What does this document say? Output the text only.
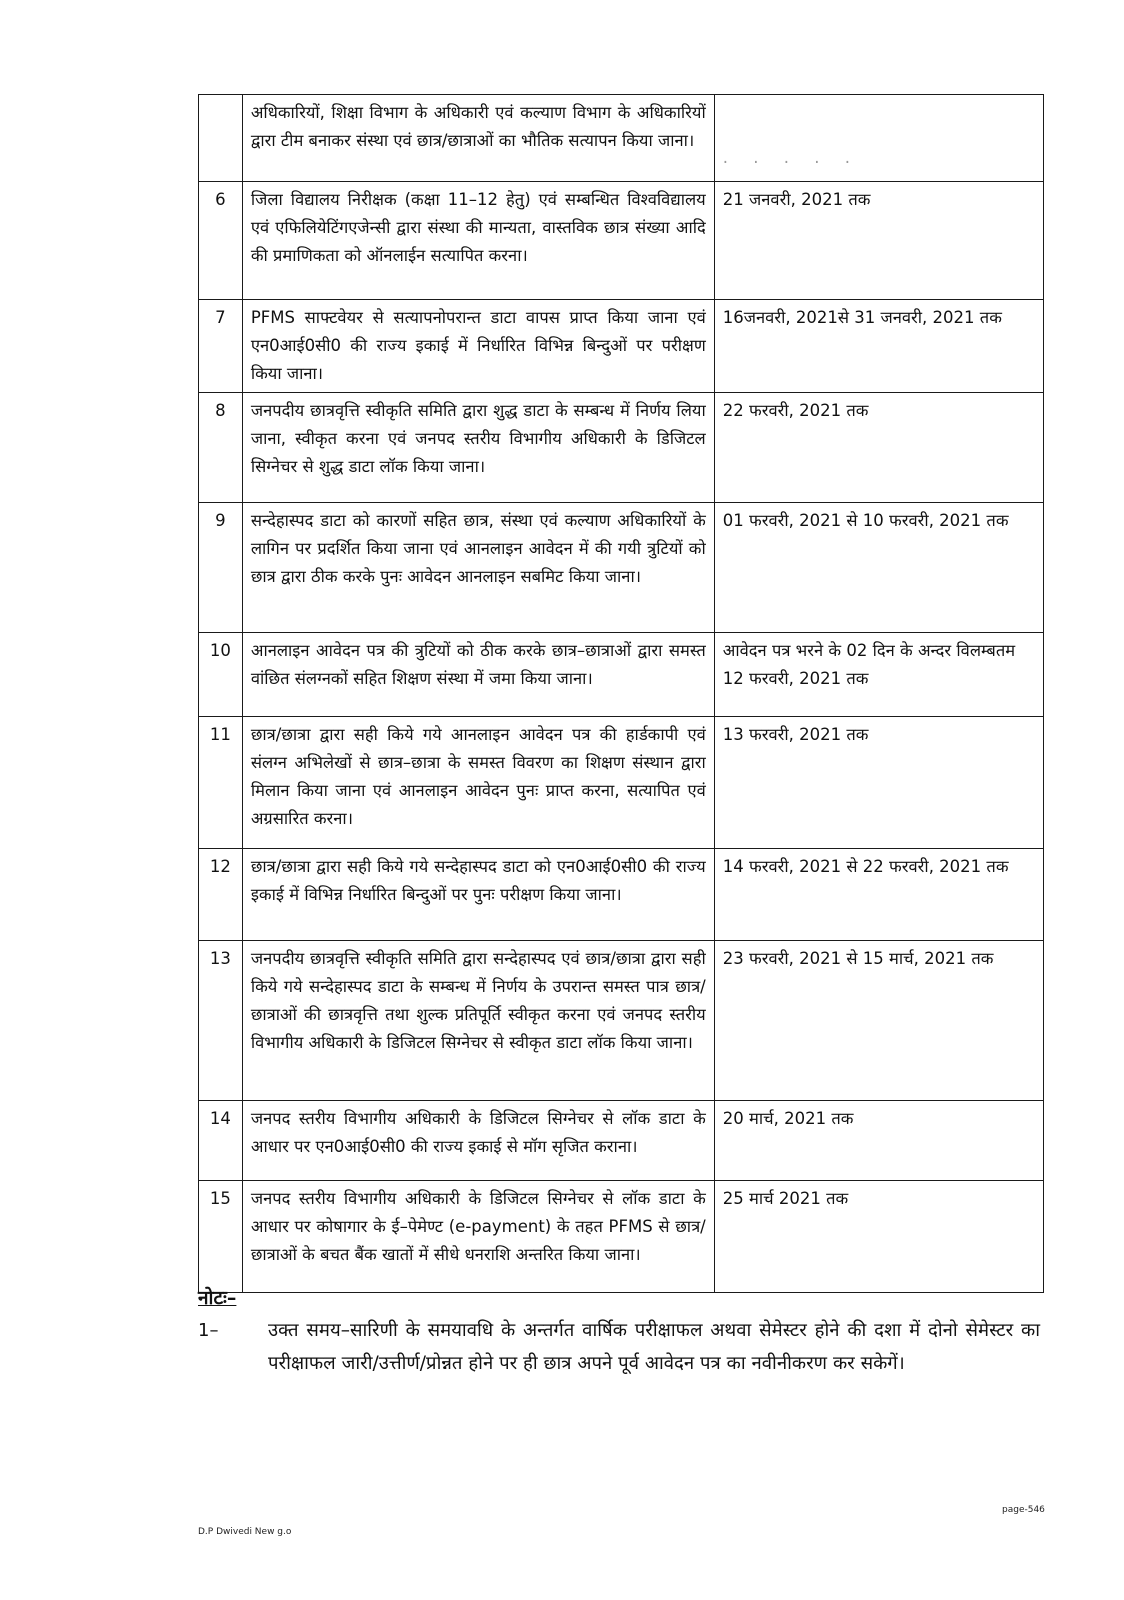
	अधिकारियों, शिक्षा विभाग के अधिकारी एवं कल्याण विभाग के अधिकारियों द्वारा टीम बनाकर संस्था एवं छात्र/छात्राओं का भौतिक सत्यापन किया जाना।	· · · · ·

6	जिला विद्यालय निरीक्षक (कक्षा 11–12 हेतु) एवं सम्बन्धित विश्वविद्यालय एवं एफिलियेटिंगएजेन्सी द्वारा संस्था की मान्यता, वास्तविक छात्र संख्या आदि की प्रमाणिकता को ऑनलाईन सत्यापित करना।	21 जनवरी, 2021 तक
7	PFMS साफ्टवेयर से सत्यापनोपरान्त डाटा वापस प्राप्त किया जाना एवं एन0आई0सी0 की राज्य इकाई में निर्धारित विभिन्न बिन्दुओं पर परीक्षण किया जाना।	16जनवरी, 2021से 31 जनवरी, 2021 तक
8	जनपदीय छात्रवृत्ति स्वीकृति समिति द्वारा शुद्ध डाटा के सम्बन्ध में निर्णय लिया जाना, स्वीकृत करना एवं जनपद स्तरीय विभागीय अधिकारी के डिजिटल सिग्नेचर से शुद्ध डाटा लॉक किया जाना।	22 फरवरी, 2021 तक
9	सन्देहास्पद डाटा को कारणों सहित छात्र, संस्था एवं कल्याण अधिकारियों के लागिन पर प्रदर्शित किया जाना एवं आनलाइन आवेदन में की गयी त्रुटियों को छात्र द्वारा ठीक करके पुनः आवेदन आनलाइन सबमिट किया जाना।	01 फरवरी, 2021 से 10 फरवरी, 2021 तक
10	आनलाइन आवेदन पत्र की त्रुटियों को ठीक करके छात्र–छात्राओं द्वारा समस्त वांछित संलग्नकों सहित शिक्षण संस्था में जमा किया जाना।	आवेदन पत्र भरने के 02 दिन के अन्दर विलम्बतम 12 फरवरी, 2021 तक
11	छात्र/छात्रा द्वारा सही किये गये आनलाइन आवेदन पत्र की हार्डकापी एवं संलग्न अभिलेखों से छात्र–छात्रा के समस्त विवरण का शिक्षण संस्थान द्वारा मिलान किया जाना एवं आनलाइन आवेदन पुनः प्राप्त करना, सत्यापित एवं अग्रसारित करना।	13 फरवरी, 2021 तक
12	छात्र/छात्रा द्वारा सही किये गये सन्देहास्पद डाटा को एन0आई0सी0 की राज्य इकाई में विभिन्न निर्धारित बिन्दुओं पर पुनः परीक्षण किया जाना।	14 फरवरी, 2021 से 22 फरवरी, 2021 तक
13	जनपदीय छात्रवृत्ति स्वीकृति समिति द्वारा सन्देहास्पद एवं छात्र/छात्रा द्वारा सही किये गये सन्देहास्पद डाटा के सम्बन्ध में निर्णय के उपरान्त समस्त पात्र छात्र/छात्राओं की छात्रवृत्ति तथा शुल्क प्रतिपूर्ति स्वीकृत करना एवं जनपद स्तरीय विभागीय अधिकारी के डिजिटल सिग्नेचर से स्वीकृत डाटा लॉक किया जाना।	23 फरवरी, 2021 से 15 मार्च, 2021 तक
14	जनपद स्तरीय विभागीय अधिकारी के डिजिटल सिग्नेचर से लॉक डाटा के आधार पर एन0आई0सी0 की राज्य इकाई से मॉग सृजित कराना।	20 मार्च, 2021 तक
15	जनपद स्तरीय विभागीय अधिकारी के डिजिटल सिग्नेचर से लॉक डाटा के आधार पर कोषागार के ई–पेमेण्ट (e-payment) के तहत PFMS से छात्र/ छात्राओं के बचत बैंक खातों में सीधे धनराशि अन्तरित किया जाना।	25 मार्च 2021 तक
नोटः–
1–	उक्त समय–सारिणी के समयावधि के अन्तर्गत वार्षिक परीक्षाफल अथवा सेमेस्टर होने की दशा में दोनो सेमेस्टर का परीक्षाफल जारी/उत्तीर्ण/प्रोन्नत होने पर ही छात्र अपने पूर्व आवेदन पत्र का नवीनीकरण कर सकेगें।
D.P Dwivedi New g.o
page-546
